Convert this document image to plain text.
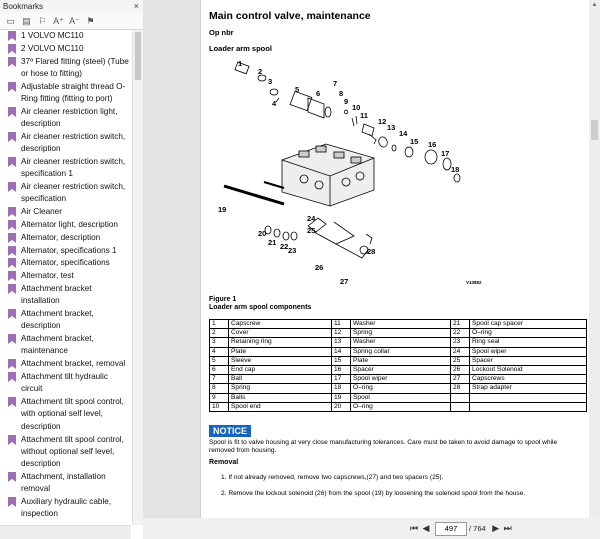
Bookmarks	×
▭ ▤ ⚐ A⁺ A⁻ ⚑
1 VOLVO MC110
2 VOLVO MC110
37º Flared fitting (steel) (Tube or hose to fitting)
Adjustable straight thread O-Ring fitting (fitting to port)
Air cleaner restriction light, description
Air cleaner restriction switch, description
Air cleaner restriction switch, specification 1
Air cleaner restriction switch, specification
Air Cleaner
Alternator light, description
Alternator, description
Alternator, specifications 1
Alternator, specifications
Alternator, test
Attachment bracket installation
Attachment bracket, description
Attachment bracket, maintenance
Attachment bracket, removal
Attachment tilt hydraulic circuit
Attachment tilt spool control, with optional self level, description
Attachment tilt spool control, without optional self level, description
Attachment, installation removal
Auxiliary hydraulic cable, inspection
Main control valve, maintenance
Op nbr
Loader arm spool
1
2
3
4
5 6
7
8
9
10
11
12
13
14
15 16
17
18
19
20
21 22 23
24
25
26
27
28
V10882
Figure 1
Loader arm spool components
1	Capscrew	11	Washer	21	Spool cap spacer
2	Cover	12	Spring	22	O–ring
3	Retaining ring	13	Washer	23	Ring seal
4	Plate	14	Spring collar	24	Spool wiper
5	Sleeve	15	Plate	25	Spacer
6	End cap	16	Spacer	26	Lockout Solenoid
7	Ball	17	Spool wiper	27	Capscrews
8	Spring	18	O–ring	28	Strap adapter
9	Balls	19	Spool		
10	Spool end	20	O–ring		
NOTICE
Spool is fit to valve housing at very close manufacturing tolerances. Care must be taken to avoid damage to spool while removed from housing.
Removal
1. If not already removed, remove two capscrews,(27) and two spacers (25).
2. Remove the lockout solenoid (26) from the spool (19) by loosening the solenoid spool from the house.
▲
⏮ ◀	497	/ 764 ▶ ⏭
